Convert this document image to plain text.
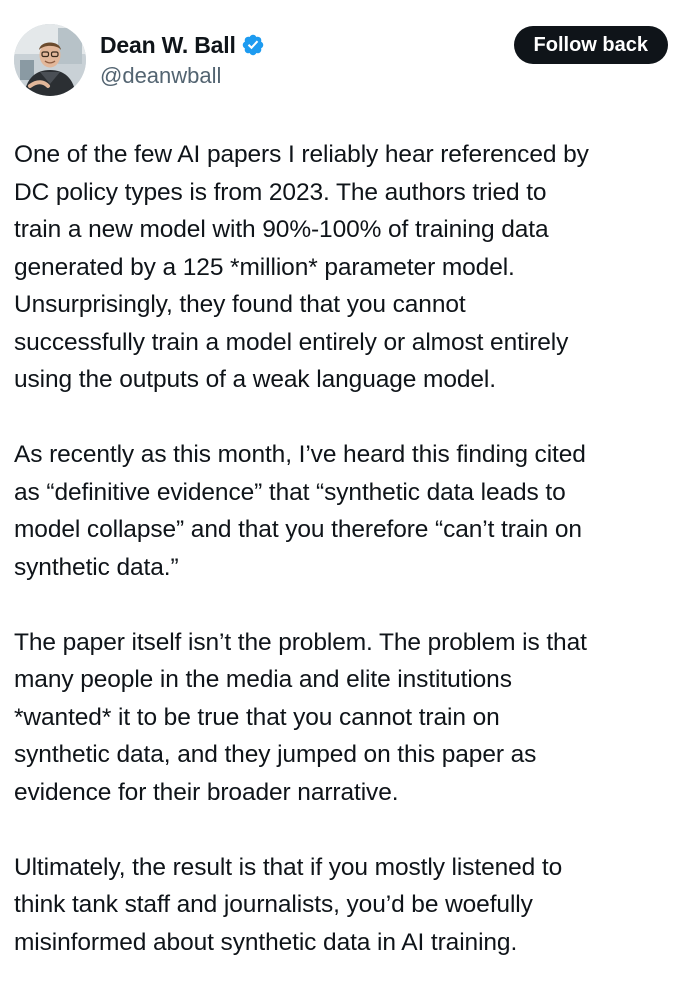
Dean W. Ball
@deanwball
Follow back

One of the few AI papers I reliably hear referenced by
DC policy types is from 2023. The authors tried to
train a new model with 90%-100% of training data
generated by a 125 *million* parameter model.
Unsurprisingly, they found that you cannot
successfully train a model entirely or almost entirely
using the outputs of a weak language model.

As recently as this month, I’ve heard this finding cited
as “definitive evidence” that “synthetic data leads to
model collapse” and that you therefore “can’t train on
synthetic data.”

The paper itself isn’t the problem. The problem is that
many people in the media and elite institutions
*wanted* it to be true that you cannot train on
synthetic data, and they jumped on this paper as
evidence for their broader narrative.

Ultimately, the result is that if you mostly listened to
think tank staff and journalists, you’d be woefully
misinformed about synthetic data in AI training.
